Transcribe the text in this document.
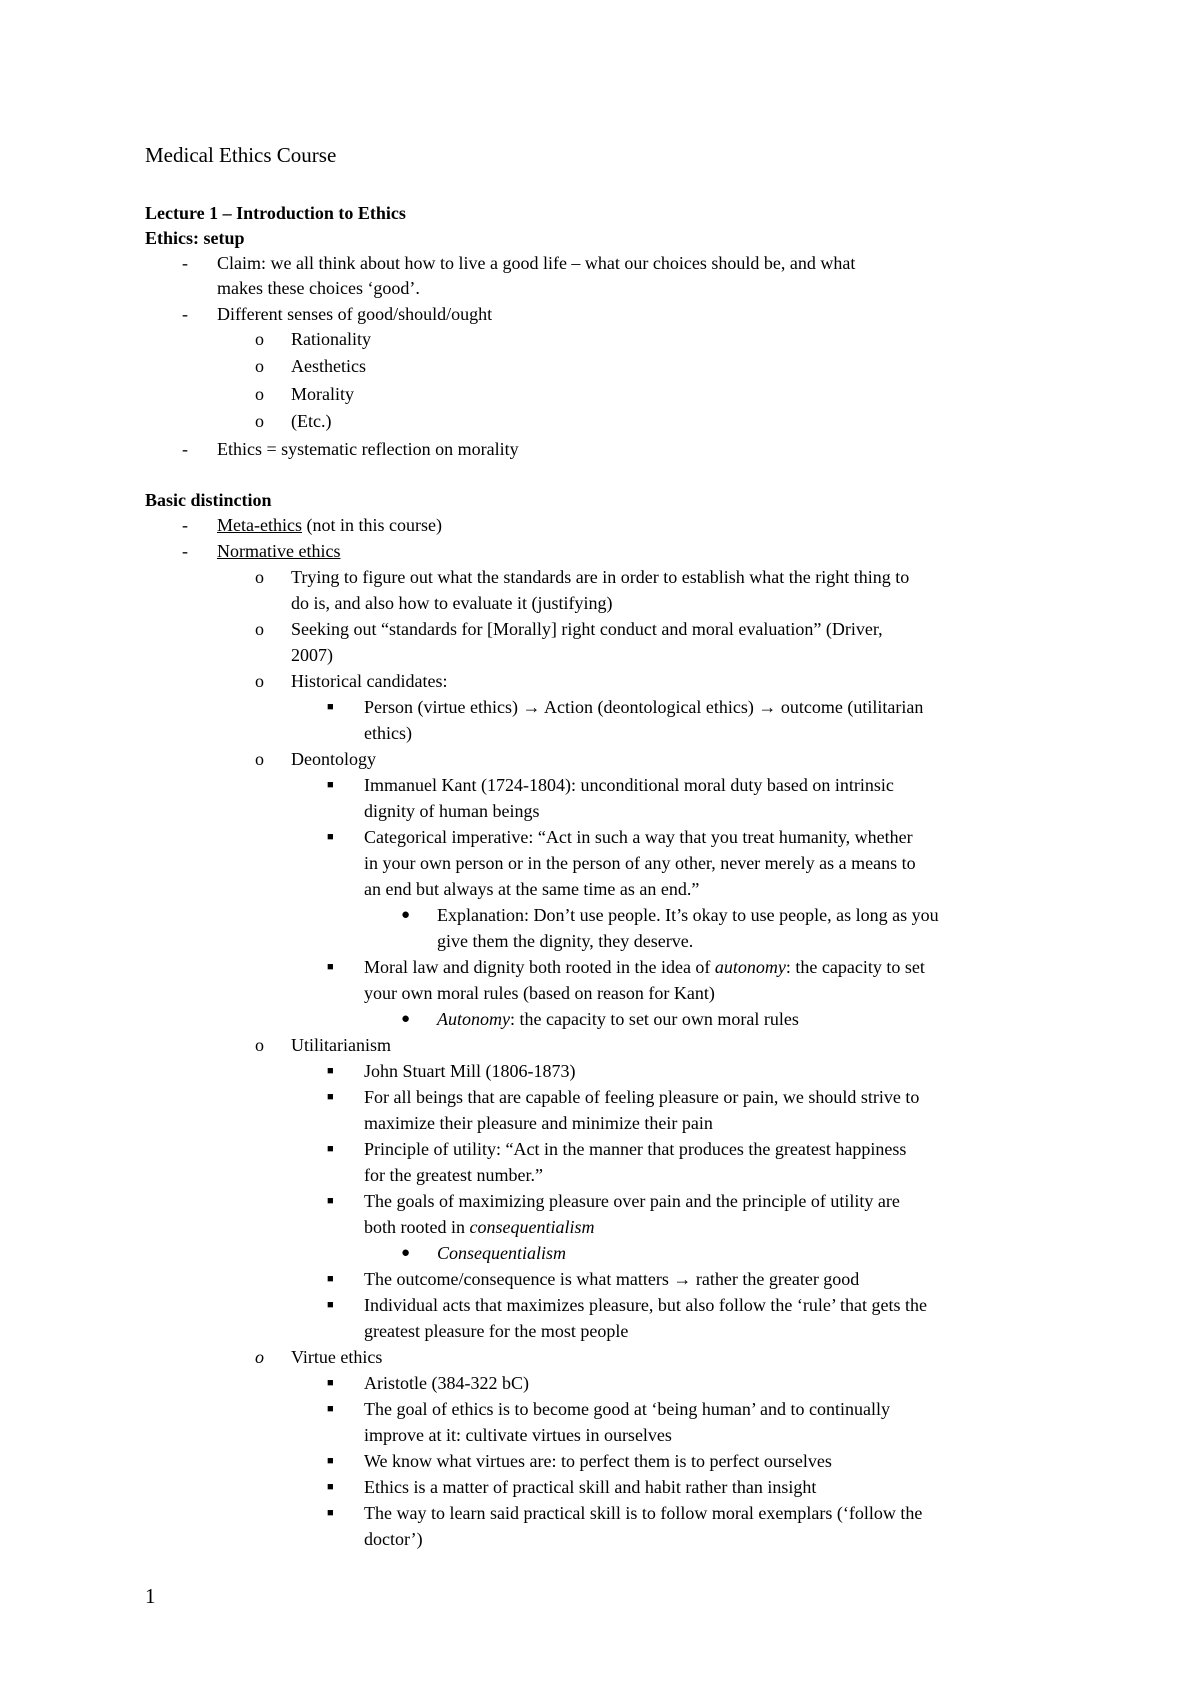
Medical Ethics Course
Lecture 1 – Introduction to Ethics
Ethics: setup
- Claim: we all think about how to live a good life – what our choices should be, and what
makes these choices ‘good’.
- Different senses of good/should/ought
o Rationality
o Aesthetics
o Morality
o (Etc.)
- Ethics = systematic reflection on morality
Basic distinction
- Meta-ethics (not in this course)
- Normative ethics
o Trying to figure out what the standards are in order to establish what the right thing to
do is, and also how to evaluate it (justifying)
o Seeking out “standards for [Morally] right conduct and moral evaluation” (Driver,
2007)
o Historical candidates:
■ Person (virtue ethics) → Action (deontological ethics) → outcome (utilitarian
ethics)
o Deontology
■ Immanuel Kant (1724-1804): unconditional moral duty based on intrinsic
dignity of human beings
■ Categorical imperative: “Act in such a way that you treat humanity, whether
in your own person or in the person of any other, never merely as a means to
an end but always at the same time as an end.”
● Explanation: Don’t use people. It’s okay to use people, as long as you
give them the dignity, they deserve.
■ Moral law and dignity both rooted in the idea of autonomy: the capacity to set
your own moral rules (based on reason for Kant)
● Autonomy: the capacity to set our own moral rules
o Utilitarianism
■ John Stuart Mill (1806-1873)
■ For all beings that are capable of feeling pleasure or pain, we should strive to
maximize their pleasure and minimize their pain
■ Principle of utility: “Act in the manner that produces the greatest happiness
for the greatest number.”
■ The goals of maximizing pleasure over pain and the principle of utility are
both rooted in consequentialism
● Consequentialism
■ The outcome/consequence is what matters → rather the greater good
■ Individual acts that maximizes pleasure, but also follow the ‘rule’ that gets the
greatest pleasure for the most people
o Virtue ethics
■ Aristotle (384-322 bC)
■ The goal of ethics is to become good at ‘being human’ and to continually
improve at it: cultivate virtues in ourselves
■ We know what virtues are: to perfect them is to perfect ourselves
■ Ethics is a matter of practical skill and habit rather than insight
■ The way to learn said practical skill is to follow moral exemplars (‘follow the
doctor’)
1
